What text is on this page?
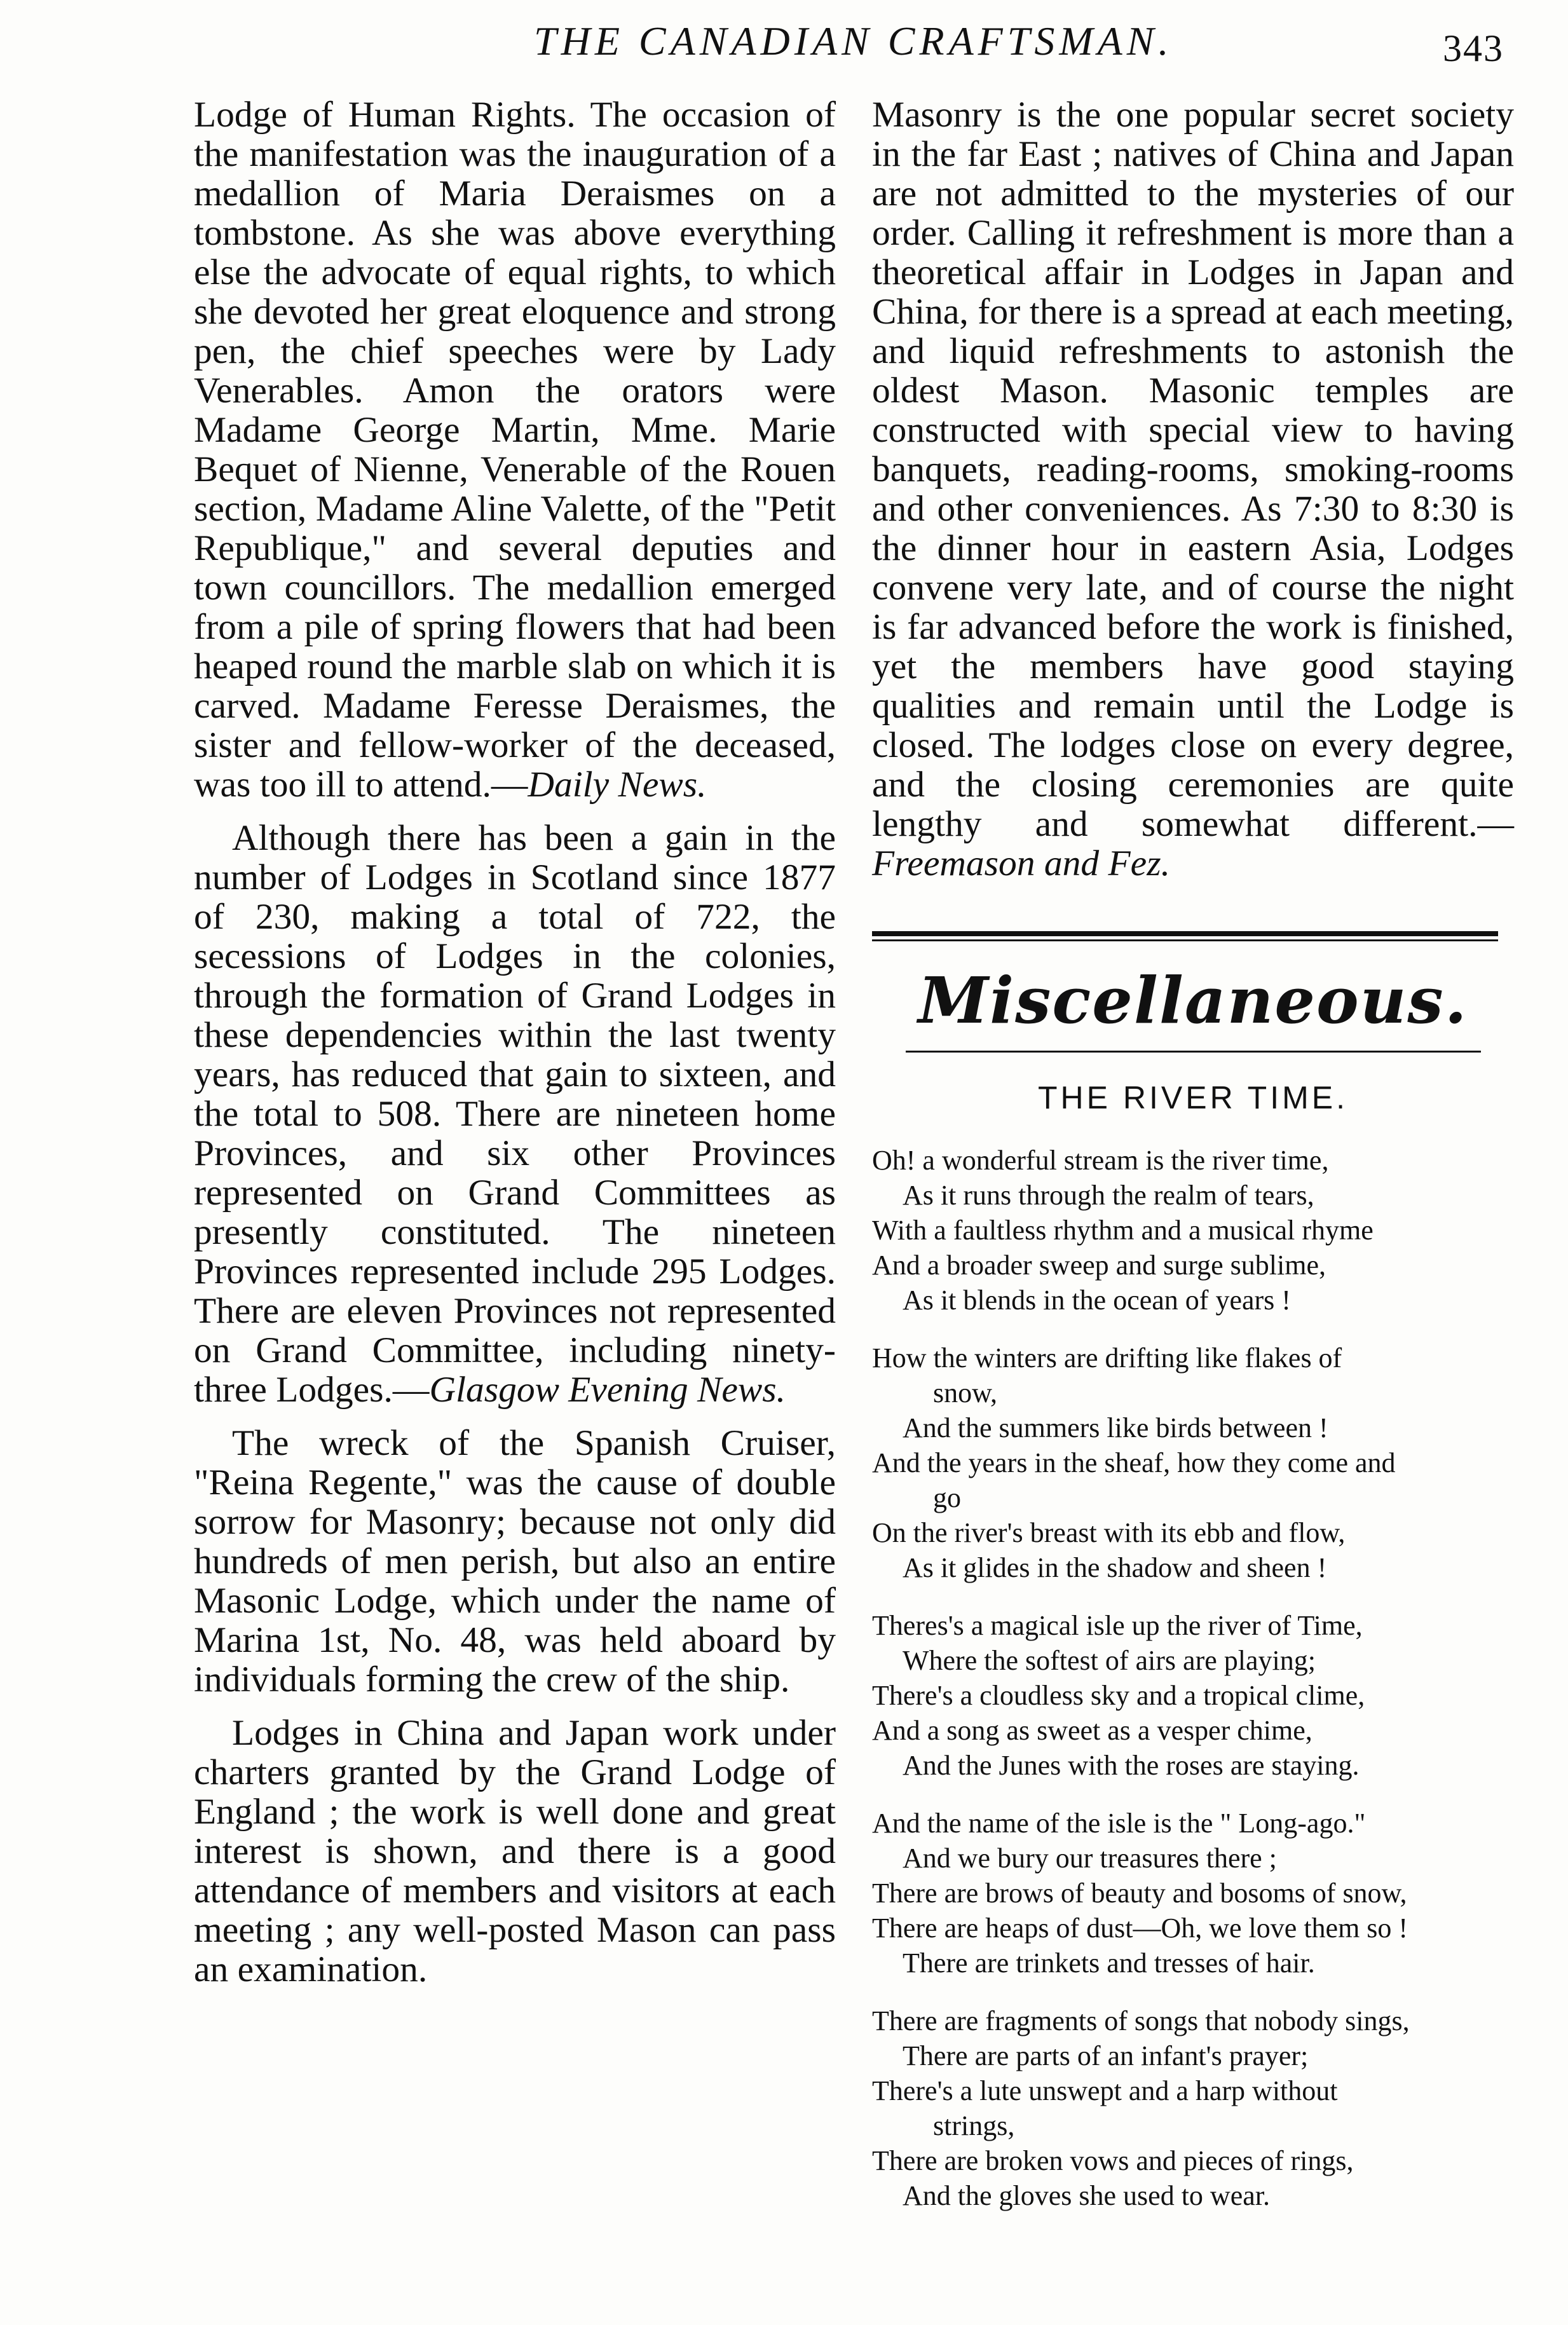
THE CANADIAN CRAFTSMAN.	343

Lodge of Human Rights. The occasion of the manifestation was the inauguration of a medallion of Maria Deraismes on a tombstone. As she was above everything else the advocate of equal rights, to which she devoted her great eloquence and strong pen, the chief speeches were by Lady Venerables. Amon the orators were Madame George Martin, Mme. Marie Bequet of Nienne, Venerable of the Rouen section, Madame Aline Valette, of the "Petit Republique," and several deputies and town councillors. The medallion emerged from a pile of spring flowers that had been heaped round the marble slab on which it is carved. Madame Feresse Deraismes, the sister and fellow-worker of the deceased, was too ill to attend.—Daily News.

Although there has been a gain in the number of Lodges in Scotland since 1877 of 230, making a total of 722, the secessions of Lodges in the colonies, through the formation of Grand Lodges in these dependencies within the last twenty years, has reduced that gain to sixteen, and the total to 508. There are nineteen home Provinces, and six other Provinces represented on Grand Committees as presently constituted. The nineteen Provinces represented include 295 Lodges. There are eleven Provinces not represented on Grand Committee, including ninety-three Lodges.—Glasgow Evening News.

The wreck of the Spanish Cruiser, "Reina Regente," was the cause of double sorrow for Masonry; because not only did hundreds of men perish, but also an entire Masonic Lodge, which under the name of Marina 1st, No. 48, was held aboard by individuals forming the crew of the ship.

Lodges in China and Japan work under charters granted by the Grand Lodge of England ; the work is well done and great interest is shown, and there is a good attendance of members and visitors at each meeting ; any well-posted Mason can pass an examination.

Masonry is the one popular secret society in the far East ; natives of China and Japan are not admitted to the mysteries of our order. Calling it refreshment is more than a theoretical affair in Lodges in Japan and China, for there is a spread at each meeting, and liquid refreshments to astonish the oldest Mason. Masonic temples are constructed with special view to having banquets, reading-rooms, smoking-rooms and other conveniences. As 7:30 to 8:30 is the dinner hour in eastern Asia, Lodges convene very late, and of course the night is far advanced before the work is finished, yet the members have good staying qualities and remain until the Lodge is closed. The lodges close on every degree, and the closing ceremonies are quite lengthy and somewhat different.—Freemason and Fez.

Miscellaneous.
THE RIVER TIME.
Oh! a wonderful stream is the river time,
As it runs through the realm of tears,
With a faultless rhythm and a musical rhyme
And a broader sweep and surge sublime,
As it blends in the ocean of years !
How the winters are drifting like flakes of
snow,
And the summers like birds between !
And the years in the sheaf, how they come and
go
On the river's breast with its ebb and flow,
As it glides in the shadow and sheen !
Theres's a magical isle up the river of Time,
Where the softest of airs are playing;
There's a cloudless sky and a tropical clime,
And a song as sweet as a vesper chime,
And the Junes with the roses are staying.
And the name of the isle is the " Long-ago."
And we bury our treasures there ;
There are brows of beauty and bosoms of snow,
There are heaps of dust—Oh, we love them so !
There are trinkets and tresses of hair.
There are fragments of songs that nobody sings,
There are parts of an infant's prayer;
There's a lute unswept and a harp without
strings,
There are broken vows and pieces of rings,
And the gloves she used to wear.
